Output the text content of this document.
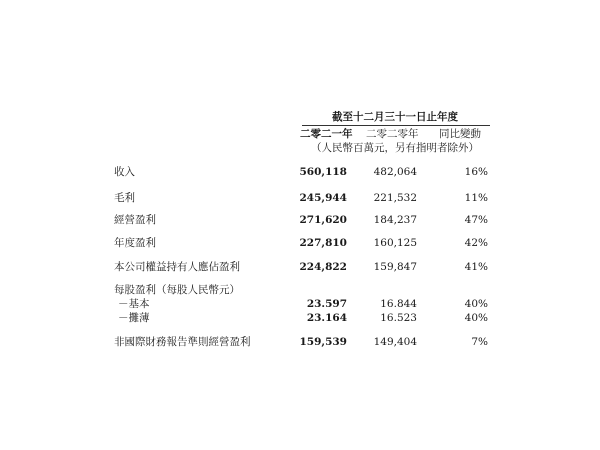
截至十二月三十一日止年度
二零二一年 二零二零年 同比變動
（人民幣百萬元，另有指明者除外）
收入	560,118	482,064	16%
毛利	245,944	221,532	11%
經營盈利	271,620	184,237	47%
年度盈利	227,810	160,125	42%
本公司權益持有人應佔盈利	224,822	159,847	41%
每股盈利（每股人民幣元）
－基本	23.597	16.844	40%
－攤薄	23.164	16.523	40%
非國際財務報告準則經營盈利	159,539	149,404	7%
